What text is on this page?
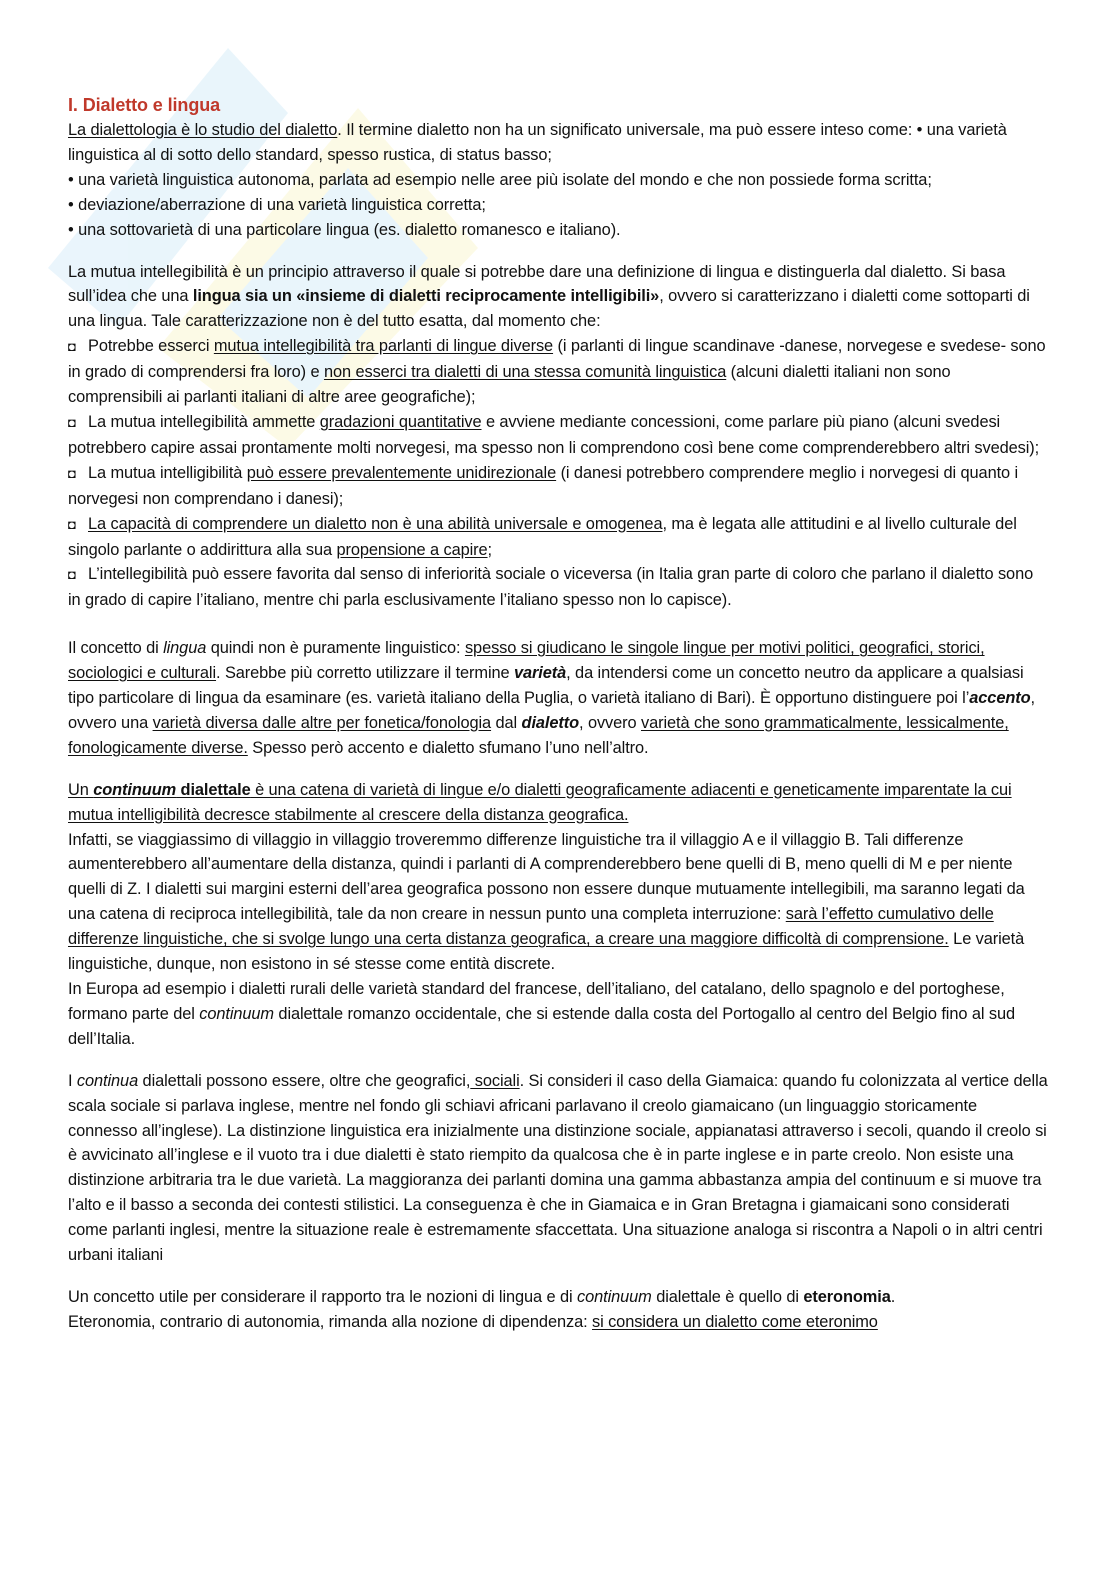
I. Dialetto e lingua

La dialettologia è lo studio del dialetto. Il termine dialetto non ha un significato universale, ma può essere inteso come: • una varietà linguistica al di sotto dello standard, spesso rustica, di status basso;
• una varietà linguistica autonoma, parlata ad esempio nelle aree più isolate del mondo e che non possiede forma scritta;
• deviazione/aberrazione di una varietà linguistica corretta;
• una sottovarietà di una particolare lingua (es. dialetto romanesco e italiano).

La mutua intellegibilità è un principio attraverso il quale si potrebbe dare una definizione di lingua e distinguerla dal dialetto. Si basa sull’idea che una lingua sia un «insieme di dialetti reciprocamente intelligibili», ovvero si caratterizzano i dialetti come sottoparti di una lingua. Tale caratterizzazione non è del tutto esatta, dal momento che:
◘ Potrebbe esserci mutua intellegibilità tra parlanti di lingue diverse (i parlanti di lingue scandinave -danese, norvegese e svedese- sono in grado di comprendersi fra loro) e non esserci tra dialetti di una stessa comunità linguistica (alcuni dialetti italiani non sono comprensibili ai parlanti italiani di altre aree geografiche);
◘ La mutua intellegibilità ammette gradazioni quantitative e avviene mediante concessioni, come parlare più piano (alcuni svedesi potrebbero capire assai prontamente molti norvegesi, ma spesso non li comprendono così bene come comprenderebbero altri svedesi);
◘ La mutua intelligibilità può essere prevalentemente unidirezionale (i danesi potrebbero comprendere meglio i norvegesi di quanto i norvegesi non comprendano i danesi);
◘ La capacità di comprendere un dialetto non è una abilità universale e omogenea, ma è legata alle attitudini e al livello culturale del singolo parlante o addirittura alla sua propensione a capire;
◘ L’intellegibilità può essere favorita dal senso di inferiorità sociale o viceversa (in Italia gran parte di coloro che parlano il dialetto sono in grado di capire l’italiano, mentre chi parla esclusivamente l’italiano spesso non lo capisce).

Il concetto di lingua quindi non è puramente linguistico: spesso si giudicano le singole lingue per motivi politici, geografici, storici, sociologici e culturali. Sarebbe più corretto utilizzare il termine varietà, da intendersi come un concetto neutro da applicare a qualsiasi tipo particolare di lingua da esaminare (es. varietà italiano della Puglia, o varietà italiano di Bari). È opportuno distinguere poi l’accento, ovvero una varietà diversa dalle altre per fonetica/fonologia dal dialetto, ovvero varietà che sono grammaticalmente, lessicalmente, fonologicamente diverse. Spesso però accento e dialetto sfumano l’uno nell’altro.

Un continuum dialettale è una catena di varietà di lingue e/o dialetti geograficamente adiacenti e geneticamente imparentate la cui mutua intelligibilità decresce stabilmente al crescere della distanza geografica.
Infatti, se viaggiassimo di villaggio in villaggio troveremmo differenze linguistiche tra il villaggio A e il villaggio B. Tali differenze aumenterebbero all’aumentare della distanza, quindi i parlanti di A comprenderebbero bene quelli di B, meno quelli di M e per niente quelli di Z. I dialetti sui margini esterni dell’area geografica possono non essere dunque mutuamente intellegibili, ma saranno legati da una catena di reciproca intellegibilità, tale da non creare in nessun punto una completa interruzione: sarà l’effetto cumulativo delle differenze linguistiche, che si svolge lungo una certa distanza geografica, a creare una maggiore difficoltà di comprensione. Le varietà linguistiche, dunque, non esistono in sé stesse come entità discrete.
In Europa ad esempio i dialetti rurali delle varietà standard del francese, dell’italiano, del catalano, dello spagnolo e del portoghese, formano parte del continuum dialettale romanzo occidentale, che si estende dalla costa del Portogallo al centro del Belgio fino al sud dell’Italia.

I continua dialettali possono essere, oltre che geografici, sociali. Si consideri il caso della Giamaica: quando fu colonizzata al vertice della scala sociale si parlava inglese, mentre nel fondo gli schiavi africani parlavano il creolo giamaicano (un linguaggio storicamente connesso all’inglese). La distinzione linguistica era inizialmente una distinzione sociale, appianatasi attraverso i secoli, quando il creolo si è avvicinato all’inglese e il vuoto tra i due dialetti è stato riempito da qualcosa che è in parte inglese e in parte creolo. Non esiste una distinzione arbitraria tra le due varietà. La maggioranza dei parlanti domina una gamma abbastanza ampia del continuum e si muove tra l’alto e il basso a seconda dei contesti stilistici. La conseguenza è che in Giamaica e in Gran Bretagna i giamaicani sono considerati come parlanti inglesi, mentre la situazione reale è estremamente sfaccettata. Una situazione analoga si riscontra a Napoli o in altri centri urbani italiani

Un concetto utile per considerare il rapporto tra le nozioni di lingua e di continuum dialettale è quello di eteronomia.
Eteronomia, contrario di autonomia, rimanda alla nozione di dipendenza: si considera un dialetto come eteronimo
